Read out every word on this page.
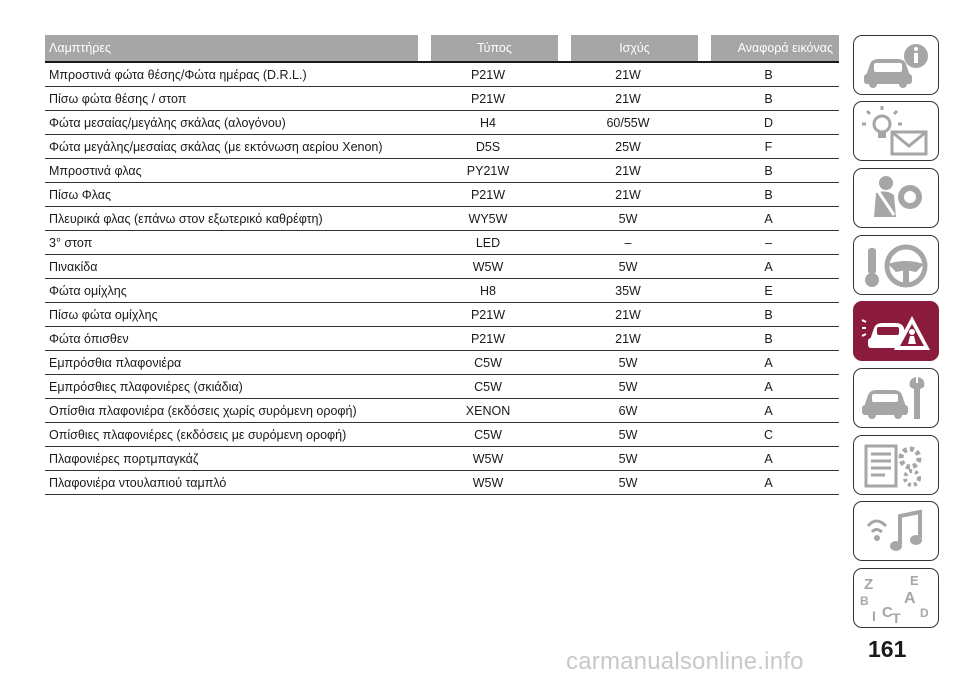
Λαμπτήρες		Τύπος		Ισχύς		Αναφορά εικόνας
Μπροστινά φώτα θέσης/Φώτα ημέρας (D.R.L.)	P21W		21W		B	
Πίσω φώτα θέσης / στοπ	P21W		21W		B	
Φώτα μεσαίας/μεγάλης σκάλας (αλογόνου)	H4		60/55W		D	
Φώτα μεγάλης/μεσαίας σκάλας (με εκτόνωση αερίου Xenon)	D5S		25W		F	
Μπροστινά φλας	PY21W		21W		B	
Πίσω Φλας	P21W		21W		B	
Πλευρικά φλας (επάνω στον εξωτερικό καθρέφτη)	WY5W		5W		A	
3° στοπ	LED		–		–	
Πινακίδα	W5W		5W		A	
Φώτα ομίχλης	H8		35W		E	
Πίσω φώτα ομίχλης	P21W		21W		B	
Φώτα όπισθεν	P21W		21W		B	
Εμπρόσθια πλαφονιέρα	C5W		5W		A	
Εμπρόσθιες πλαφονιέρες (σκιάδια)	C5W		5W		A	
Οπίσθια πλαφονιέρα (εκδόσεις χωρίς συρόμενη οροφή)	XENON		6W		A	
Οπίσθιες πλαφονιέρες (εκδόσεις με συρόμενη οροφή)	C5W		5W		C	
Πλαφονιέρες πορτμπαγκάζ	W5W		5W		A	
Πλαφονιέρα ντουλαπιού ταμπλό	W5W		5W		A	
Z	E
B A
D
I C T
161
carmanualsonline.info
